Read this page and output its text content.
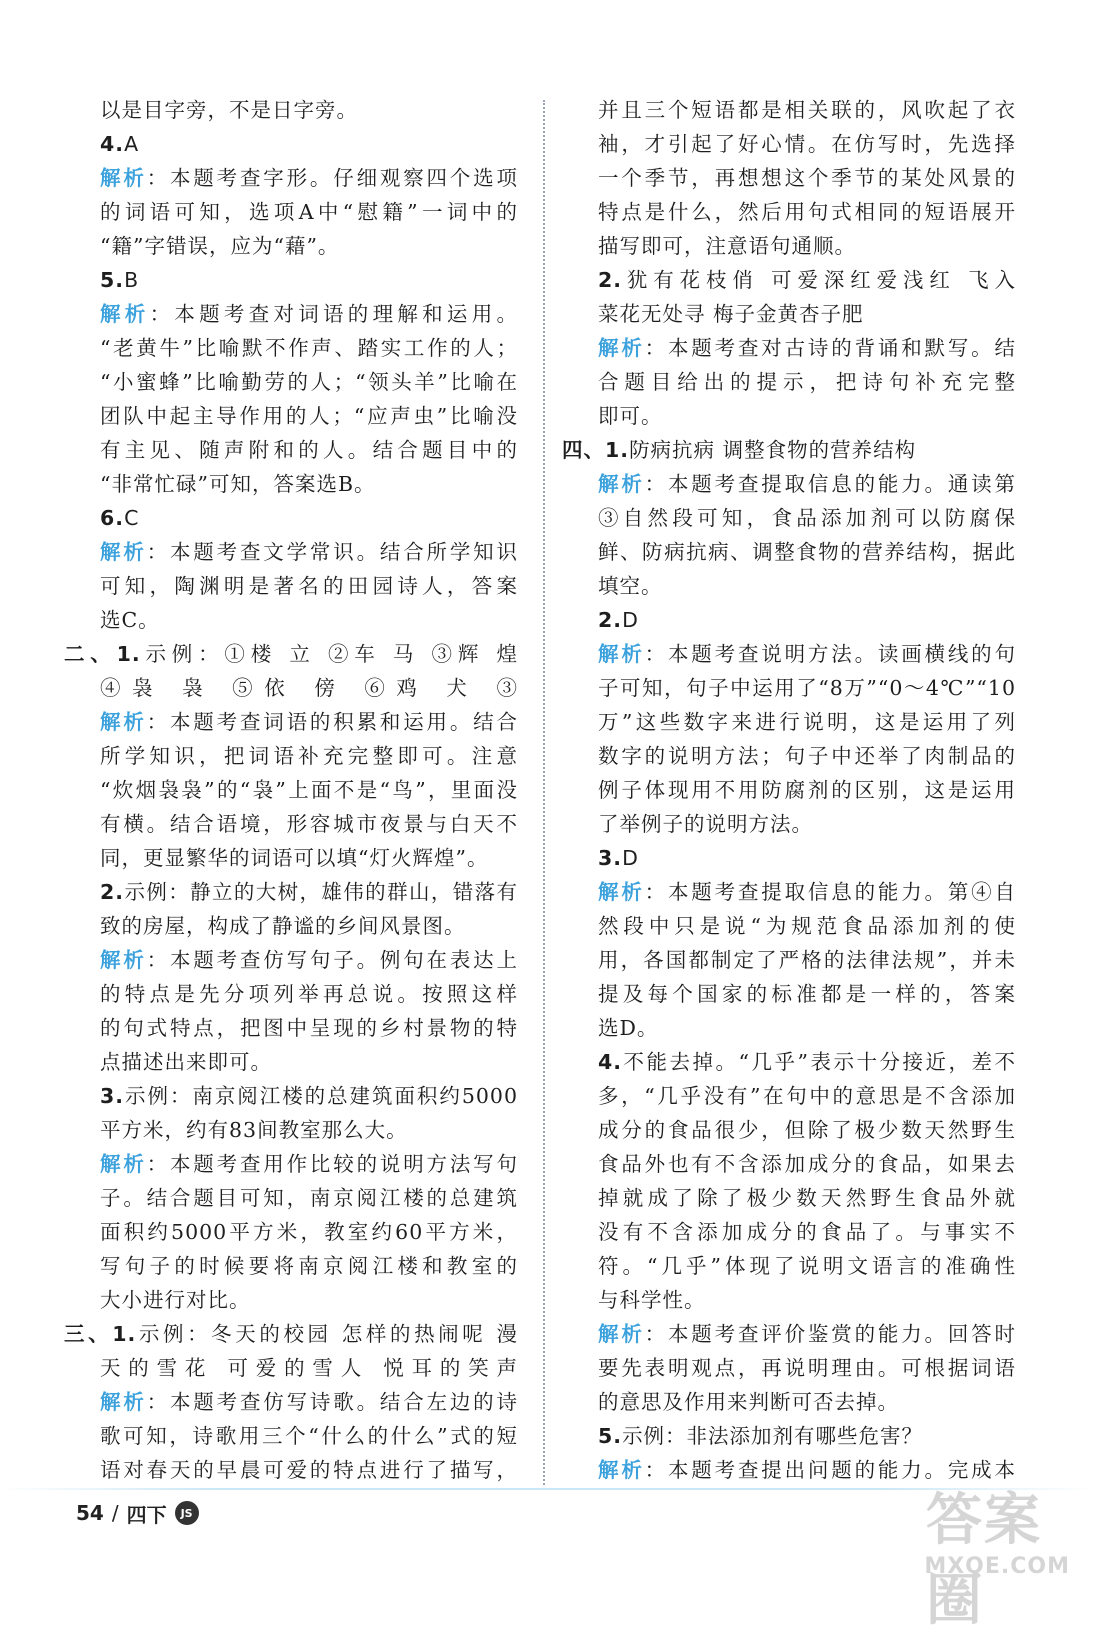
以是目字旁，不是日字旁。
4.A
解析：本题考查字形。仔细观察四个选项
的词语可知，选项A中“慰籍”一词中的
“籍”字错误，应为“藉”。
5.B
解析：本题考查对词语的理解和运用。
“老黄牛”比喻默不作声、踏实工作的人；
“小蜜蜂”比喻勤劳的人；“领头羊”比喻在
团队中起主导作用的人；“应声虫”比喻没
有主见、随声附和的人。结合题目中的
“非常忙碌”可知，答案选B。
6.C
解析：本题考查文学常识。结合所学知识
可知，陶渊明是著名的田园诗人，答案
选C。
二、1.示例：①楼 立 ②车 马 ③辉 煌
④袅 袅 ⑤依 傍 ⑥鸡 犬 ③
解析：本题考查词语的积累和运用。结合
所学知识，把词语补充完整即可。注意
“炊烟袅袅”的“袅”上面不是“鸟”，里面没
有横。结合语境，形容城市夜景与白天不
同，更显繁华的词语可以填“灯火辉煌”。
2.示例：静立的大树，雄伟的群山，错落有
致的房屋，构成了静谧的乡间风景图。
解析：本题考查仿写句子。例句在表达上
的特点是先分项列举再总说。按照这样
的句式特点，把图中呈现的乡村景物的特
点描述出来即可。
3.示例：南京阅江楼的总建筑面积约5000
平方米，约有83间教室那么大。
解析：本题考查用作比较的说明方法写句
子。结合题目可知，南京阅江楼的总建筑
面积约5000平方米，教室约60平方米，
写句子的时候要将南京阅江楼和教室的
大小进行对比。
三、1.示例：冬天的校园 怎样的热闹呢 漫
天的雪花 可爱的雪人 悦耳的笑声
解析：本题考查仿写诗歌。结合左边的诗
歌可知，诗歌用三个“什么的什么”式的短
语对春天的早晨可爱的特点进行了描写，
并且三个短语都是相关联的，风吹起了衣
袖，才引起了好心情。在仿写时，先选择
一个季节，再想想这个季节的某处风景的
特点是什么，然后用句式相同的短语展开
描写即可，注意语句通顺。
2.犹有花枝俏 可爱深红爱浅红 飞入
菜花无处寻 梅子金黄杏子肥
解析：本题考查对古诗的背诵和默写。结
合题目给出的提示，把诗句补充完整
即可。
四、1.防病抗病 调整食物的营养结构
解析：本题考查提取信息的能力。通读第
③自然段可知，食品添加剂可以防腐保
鲜、防病抗病、调整食物的营养结构，据此
填空。
2.D
解析：本题考查说明方法。读画横线的句
子可知，句子中运用了“8万”“0～4℃”“10
万”这些数字来进行说明，这是运用了列
数字的说明方法；句子中还举了肉制品的
例子体现用不用防腐剂的区别，这是运用
了举例子的说明方法。
3.D
解析：本题考查提取信息的能力。第④自
然段中只是说“为规范食品添加剂的使
用，各国都制定了严格的法律法规”，并未
提及每个国家的标准都是一样的，答案
选D。
4.不能去掉。“几乎”表示十分接近，差不
多，“几乎没有”在句中的意思是不含添加
成分的食品很少，但除了极少数天然野生
食品外也有不含添加成分的食品，如果去
掉就成了除了极少数天然野生食品外就
没有不含添加成分的食品了。与事实不
符。“几乎”体现了说明文语言的准确性
与科学性。
解析：本题考查评价鉴赏的能力。回答时
要先表明观点，再说明理由。可根据词语
的意思及作用来判断可否去掉。
5.示例：非法添加剂有哪些危害？
解析：本题考查提出问题的能力。完成本
54 / 四下	JS	答案圈
MXQE.COM
